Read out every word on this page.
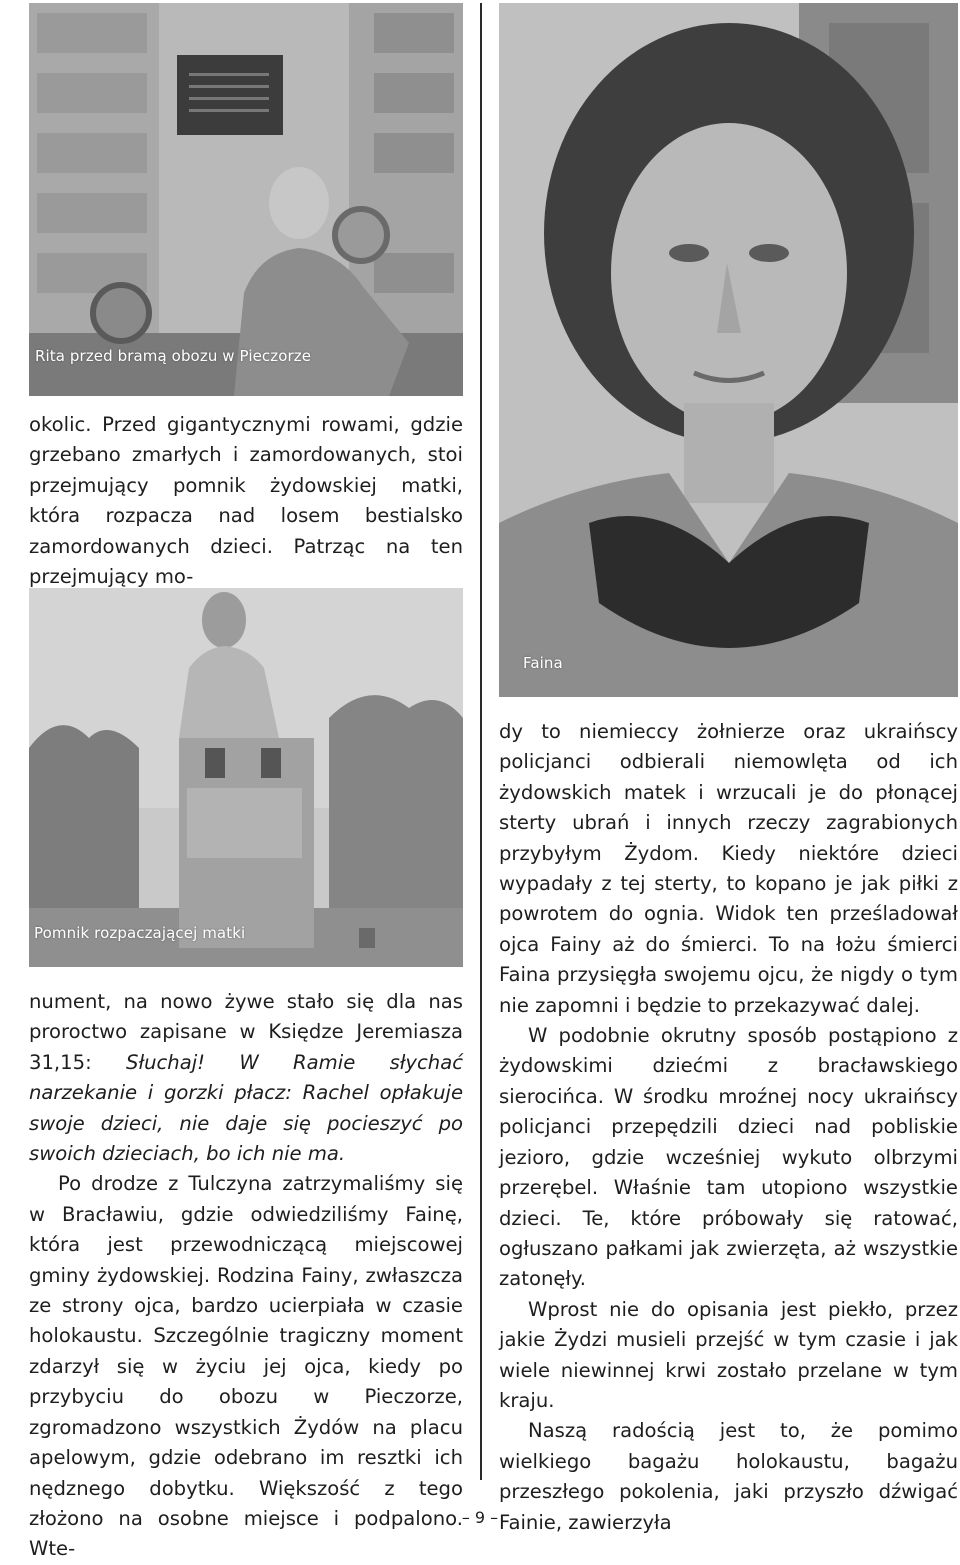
Rita przed bramą obozu w Pieczorze
Pomnik rozpaczającej matki
Faina

okolic. Przed gigantycznymi rowami, gdzie grzebano zmarłych i zamordowanych, stoi przejmujący pomnik żydowskiej matki, która rozpacza nad losem bestialsko zamordowanych dzieci. Patrząc na ten przejmujący mo-

nument, na nowo żywe stało się dla nas proroctwo zapisane w Księdze Jeremiasza 31,15: Słuchaj! W Ramie słychać narzekanie i gorzki płacz: Rachel opłakuje swoje dzieci, nie daje się pocieszyć po swoich dzieciach, bo ich nie ma.

Po drodze z Tulczyna zatrzymaliśmy się w Bracławiu, gdzie odwiedziliśmy Fainę, która jest przewodniczącą miejscowej gminy żydowskiej. Rodzina Fainy, zwłaszcza ze strony ojca, bardzo ucierpiała w czasie holokaustu. Szczególnie tragiczny moment zdarzył się w życiu jej ojca, kiedy po przybyciu do obozu w Pieczorze, zgromadzono wszystkich Żydów na placu apelowym, gdzie odebrano im resztki ich nędznego dobytku. Większość z tego złożono na osobne miejsce i podpalono. Wte-

dy to niemieccy żołnierze oraz ukraińscy policjanci odbierali niemowlęta od ich żydowskich matek i wrzucali je do płonącej sterty ubrań i innych rzeczy zagrabionych przybyłym Żydom. Kiedy niektóre dzieci wypadały z tej sterty, to kopano je jak piłki z powrotem do ognia. Widok ten prześladował ojca Fainy aż do śmierci. To na łożu śmierci Faina przysięgła swojemu ojcu, że nigdy o tym nie zapomni i będzie to przekazywać dalej.

W podobnie okrutny sposób postąpiono z żydowskimi dziećmi z bracławskiego sierocińca. W środku mroźnej nocy ukraińscy policjanci przepędzili dzieci nad pobliskie jezioro, gdzie wcześniej wykuto olbrzymi przerębel. Właśnie tam utopiono wszystkie dzieci. Te, które próbowały się ratować, ogłuszano pałkami jak zwierzęta, aż wszystkie zatonęły.

Wprost nie do opisania jest piekło, przez jakie Żydzi musieli przejść w tym czasie i jak wiele niewinnej krwi zostało przelane w tym kraju.

Naszą radością jest to, że pomimo wielkiego bagażu holokaustu, bagażu przeszłego pokolenia, jaki przyszło dźwigać Fainie, zawierzyła

– 9 –
